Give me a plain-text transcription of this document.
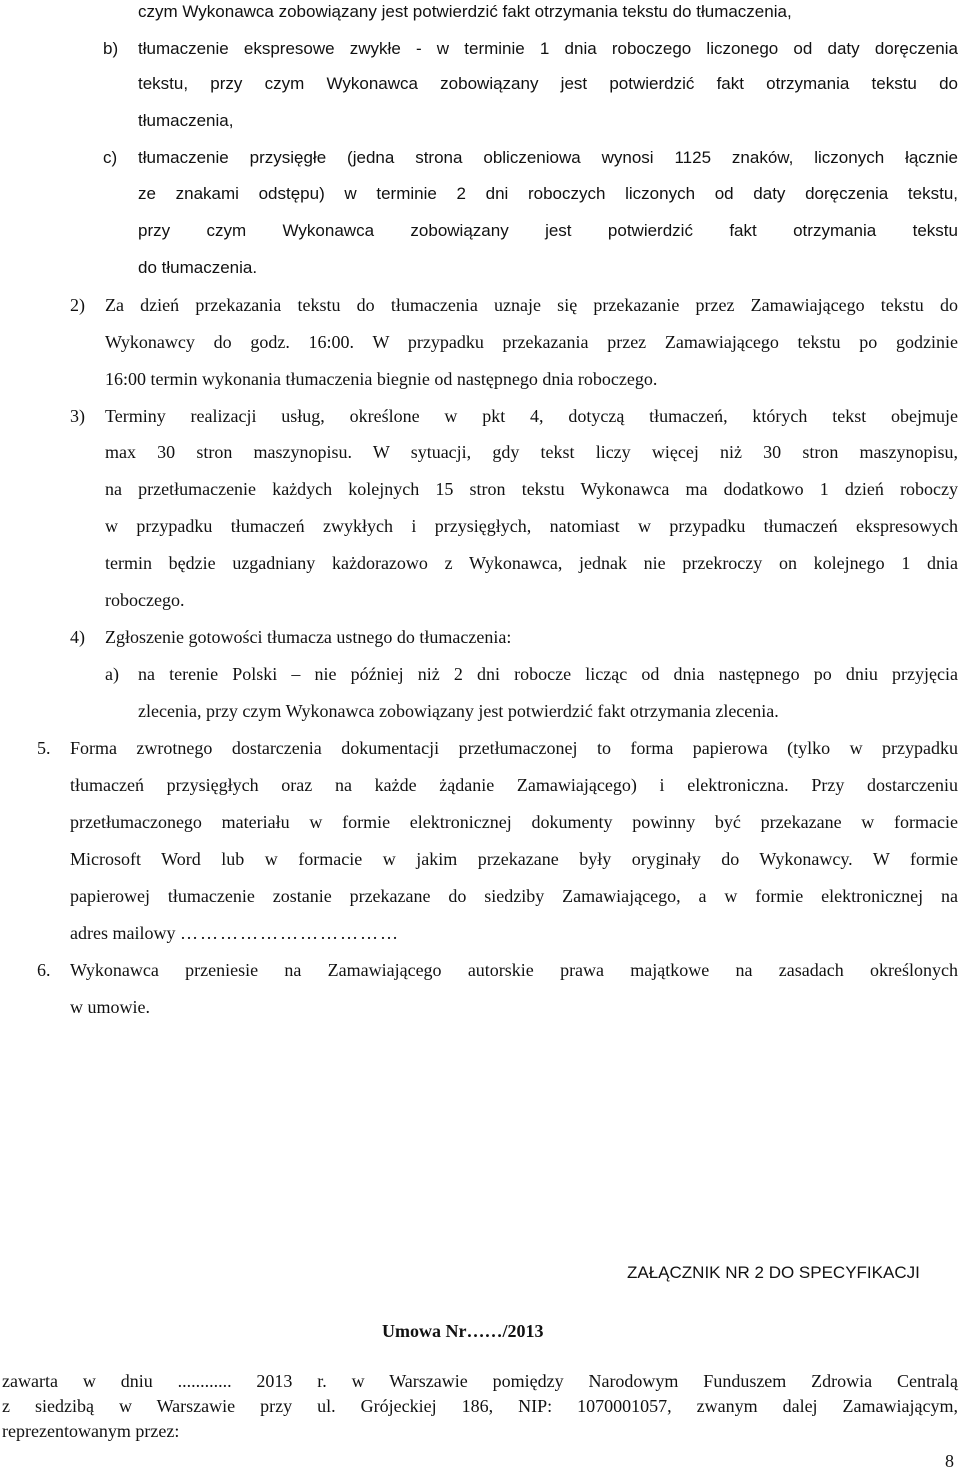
czym Wykonawca zobowiązany jest potwierdzić fakt otrzymania tekstu do tłumaczenia,
b) tłumaczenie ekspresowe zwykłe - w terminie 1 dnia roboczego liczonego od daty doręczenia
tekstu, przy czym Wykonawca zobowiązany jest potwierdzić fakt otrzymania tekstu do
tłumaczenia,
c) tłumaczenie przysięgłe (jedna strona obliczeniowa wynosi 1125 znaków, liczonych łącznie
ze znakami odstępu) w terminie 2 dni roboczych liczonych od daty doręczenia tekstu,
przy czym Wykonawca zobowiązany jest potwierdzić fakt otrzymania tekstu
do tłumaczenia.
2) Za dzień przekazania tekstu do tłumaczenia uznaje się przekazanie przez Zamawiającego tekstu do
Wykonawcy do godz. 16:00. W przypadku przekazania przez Zamawiającego tekstu po godzinie
16:00 termin wykonania tłumaczenia biegnie od następnego dnia roboczego.
3) Terminy realizacji usług, określone w pkt 4, dotyczą tłumaczeń, których tekst obejmuje
max 30 stron maszynopisu. W sytuacji, gdy tekst liczy więcej niż 30 stron maszynopisu,
na przetłumaczenie każdych kolejnych 15 stron tekstu Wykonawca ma dodatkowo 1 dzień roboczy
w przypadku tłumaczeń zwykłych i przysięgłych, natomiast w przypadku tłumaczeń ekspresowych
termin będzie uzgadniany każdorazowo z Wykonawca, jednak nie przekroczy on kolejnego 1 dnia
roboczego.
4) Zgłoszenie gotowości tłumacza ustnego do tłumaczenia:
a) na terenie Polski – nie później niż 2 dni robocze licząc od dnia następnego po dniu przyjęcia
zlecenia, przy czym Wykonawca zobowiązany jest potwierdzić fakt otrzymania zlecenia.
5. Forma zwrotnego dostarczenia dokumentacji przetłumaczonej to forma papierowa (tylko w przypadku
tłumaczeń przysięgłych oraz na każde żądanie Zamawiającego) i elektroniczna. Przy dostarczeniu
przetłumaczonego materiału w formie elektronicznej dokumenty powinny być przekazane w formacie
Microsoft Word lub w formacie w jakim przekazane były oryginały do Wykonawcy. W formie
papierowej tłumaczenie zostanie przekazane do siedziby Zamawiającego, a w formie elektronicznej na
adres mailowy ……………………………
6. Wykonawca przeniesie na Zamawiającego autorskie prawa majątkowe na zasadach określonych
w umowie.
ZAŁĄCZNIK NR 2 DO SPECYFIKACJI
Umowa Nr……/2013
zawarta w dniu ............ 2013 r. w Warszawie pomiędzy Narodowym Funduszem Zdrowia Centralą
z siedzibą w Warszawie przy ul. Grójeckiej 186, NIP: 1070001057, zwanym dalej Zamawiającym,
reprezentowanym przez:
8
